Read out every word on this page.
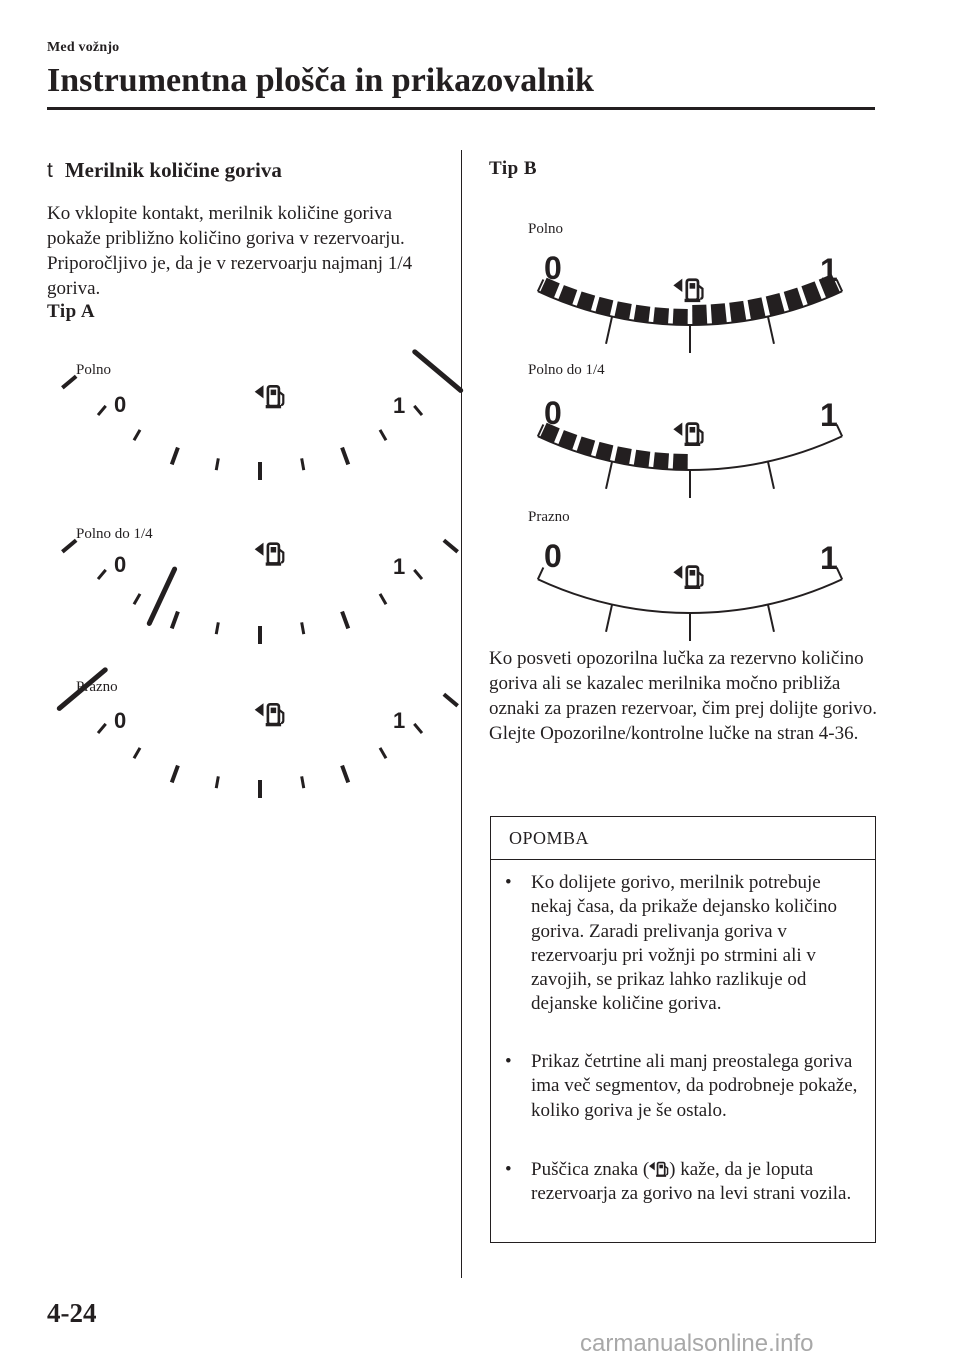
Med vožnjo
Instrumentna plošča in prikazovalnik
t Merilnik količine goriva
Ko vklopite kontakt, merilnik količine goriva pokaže približno količino goriva v rezervoarju. Priporočljivo je, da je v rezervoarju najmanj 1/4 goriva.
Tip A
Polno
0	1
Polno do 1/4
0	1
Prazno
0	1
Tip B
Polno
0	1
Polno do 1/4
0	1
Prazno
0	1
Ko posveti opozorilna lučka za rezervno količino goriva ali se kazalec merilnika močno približa oznaki za prazen rezervoar, čim prej dolijte gorivo.
Glejte Opozorilne/kontrolne lučke na stran 4-36.
OPOMBA
• Ko dolijete gorivo, merilnik potrebuje nekaj časa, da prikaže dejansko količino goriva. Zaradi prelivanja goriva v rezervoarju pri vožnji po strmini ali v zavojih, se prikaz lahko razlikuje od dejanske količine goriva.
• Prikaz četrtine ali manj preostalega goriva ima več segmentov, da podrobneje pokaže, koliko goriva je še ostalo.
• Puščica znaka ( ) kaže, da je loputa rezervoarja za gorivo na levi strani vozila.
4-24
carmanualsonline.info
